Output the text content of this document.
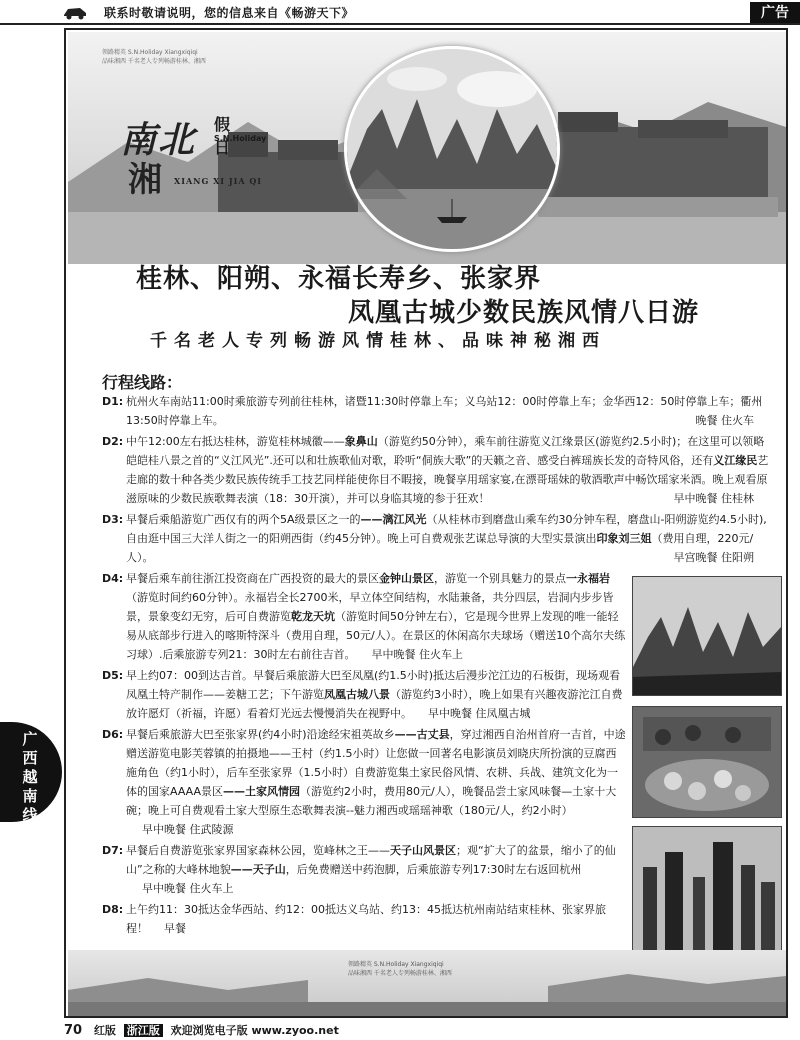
联系时敬请说明，您的信息来自《畅游天下》	广告
领路精英 S.N.Holiday Xiangxiqiqi
品味湘西 千名老人专列畅游桂林、湘西
南北 假日
S.N.Holiday
湘 XIANG XI JIA QI
桂林、阳朔、永福长寿乡、张家界
凤凰古城少数民族风情八日游
千名老人专列畅游风情桂林、品味神秘湘西
行程线路：
D1: 杭州火车南站11:00时乘旅游专列前往桂林，诸暨11:30时停靠上车；义乌站12：00时停靠上车；金华西12：50时停靠上车；衢州13:50时停靠上车。	晚餐 住火车
D2: 中午12:00左右抵达桂林，游览桂林城徽——象鼻山（游览约50分钟），乘车前往游览义江缘景区(游览约2.5小时)；在这里可以领略皑皑桂八景之首的“义江风光”.还可以和壮族歌仙对歌，聆听“侗族大歌”的天籁之音、感受白裤瑶族长发的奇特风俗，还有义江缘民艺走廊的数十种各类少数民族传统手工技艺同样能使你目不暇接，晚餐享用瑶家宴,在漂哥瑶妹的敬酒歌声中畅饮瑶家米酒。晚上观看原滋原味的少数民族歌舞表演（18：30开演），并可以身临其境的参于狂欢！	早中晚餐 住桂林
D3: 早餐后乘船游览广西仅有的两个5A级景区之一的——漓江风光（从桂林市到磨盘山乘车约30分钟车程，磨盘山-阳朔游览约4.5小时),自由逛中国三大洋人街之一的阳朔西街（约45分钟）。晚上可自费观张艺谋总导演的大型实景演出印象刘三姐（费用自理，220元/人）。	早宫晚餐 住阳朔
D4: 早餐后乘车前往浙江投资商在广西投资的最大的景区金钟山景区，游览一个别具魅力的景点一永福岩（游览时间约60分钟）。永福岩全长2700米，早立体空间结构，水陆兼备，共分四层，岩洞内步步皆景，景象变幻无穷，后可自费游览乾龙天坑（游览时间50分钟左右），它是现今世界上发现的唯一能轻易从底部步行进入的喀斯特深斗（费用自理，50元/人）。在景区的休闲高尔夫球场（赠送10个高尔夫练习球）.后乘旅游专列21：30时左右前往吉首。 早中晚餐 住火车上
D5: 早上约07：00到达吉首。早餐后乘旅游大巴至凤凰(约1.5小时)抵达后漫步沱江边的石板街，现场观看凤凰土特产制作——姜糖工艺；下午游览凤凰古城八景（游览约3小时），晚上如果有兴趣夜游沱江自费放许愿灯（祈福，许愿）看着灯光远去慢慢消失在视野中。 早中晚餐 住凤凰古城
D6: 早餐后乘旅游大巴至张家界(约4小时)沿途经宋祖英故乡——古丈县，穿过湘西自治州首府一吉首，中途赠送游览电影芙蓉镇的拍摄地——王村（约1.5小时）让您做一回著名电影演员刘晓庆所扮演的豆腐西施角色（约1小时），后车至张家界（1.5小时）自费游览集土家民俗风情、农耕、兵战、建筑文化为一体的国家AAAA景区——土家风情园（游览约2小时，费用80元/人），晚餐品尝土家风味餐—土家十大碗；晚上可自费观看土家大型原生态歌舞表演--魅力湘西或瑶瑶神歌（180元/人，约2小时）早中晚餐 住武陵源
D7: 早餐后自费游览张家界国家森林公园，览峰林之王——天子山风景区；观“扩大了的盆景，缩小了的仙山”之称的大峰林地貌——天子山，后免费赠送中药泡脚，后乘旅游专列17:30时左右返回杭州早中晚餐 住火车上
D8: 上午约11：30抵达金华西站、约12：00抵达义乌站、约13：45抵达杭州南站结束桂林、张家界旅程！ 早餐
领路精英 S.N.Holiday Xiangxiqiqi
品味湘西 千名老人专列畅游桂林、湘西
广西越南线
70 红版 浙江版 欢迎浏览电子版 www.zyoo.net
